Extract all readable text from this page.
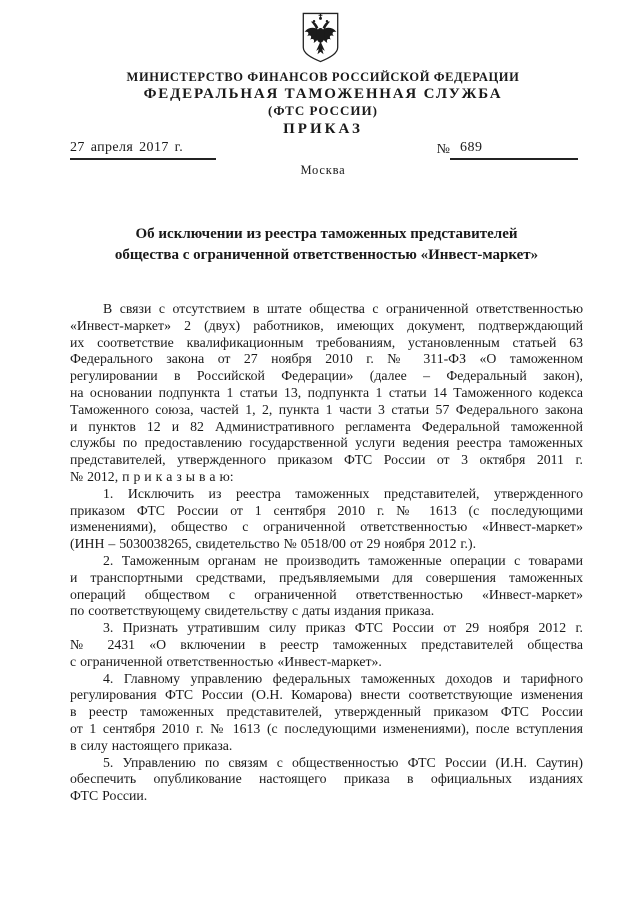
МИНИСТЕРСТВО ФИНАНСОВ РОССИЙСКОЙ ФЕДЕРАЦИИ
ФЕДЕРАЛЬНАЯ ТАМОЖЕННАЯ СЛУЖБА
(ФТС РОССИИ)
ПРИКАЗ
27 апреля 2017 г.	№ 689
Москва
Об исключении из реестра таможенных представителей
общества с ограниченной ответственностью «Инвест-маркет»
В связи с отсутствием в штате общества с ограниченной ответственностью
«Инвест-маркет» 2 (двух) работников, имеющих документ, подтверждающий
их соответствие квалификационным требованиям, установленным статьей 63
Федерального закона от 27 ноября 2010 г. № 311-ФЗ «О таможенном
регулировании в Российской Федерации» (далее – Федеральный закон),
на основании подпункта 1 статьи 13, подпункта 1 статьи 14 Таможенного кодекса
Таможенного союза, частей 1, 2, пункта 1 части 3 статьи 57 Федерального закона
и пунктов 12 и 82 Административного регламента Федеральной таможенной
службы по предоставлению государственной услуги ведения реестра таможенных
представителей, утвержденного приказом ФТС России от 3 октября 2011 г.
№ 2012, п р и к а з ы в а ю:
1. Исключить из реестра таможенных представителей, утвержденного
приказом ФТС России от 1 сентября 2010 г. № 1613 (с последующими
изменениями), общество с ограниченной ответственностью «Инвест-маркет»
(ИНН – 5030038265, свидетельство № 0518/00 от 29 ноября 2012 г.).
2. Таможенным органам не производить таможенные операции с товарами
и транспортными средствами, предъявляемыми для совершения таможенных
операций обществом с ограниченной ответственностью «Инвест-маркет»
по соответствующему свидетельству с даты издания приказа.
3. Признать утратившим силу приказ ФТС России от 29 ноября 2012 г.
№ 2431 «О включении в реестр таможенных представителей общества
с ограниченной ответственностью «Инвест-маркет».
4. Главному управлению федеральных таможенных доходов и тарифного
регулирования ФТС России (О.Н. Комарова) внести соответствующие изменения
в реестр таможенных представителей, утвержденный приказом ФТС России
от 1 сентября 2010 г. № 1613 (с последующими изменениями), после вступления
в силу настоящего приказа.
5. Управлению по связям с общественностью ФТС России (И.Н. Саутин)
обеспечить опубликование настоящего приказа в официальных изданиях
ФТС России.
